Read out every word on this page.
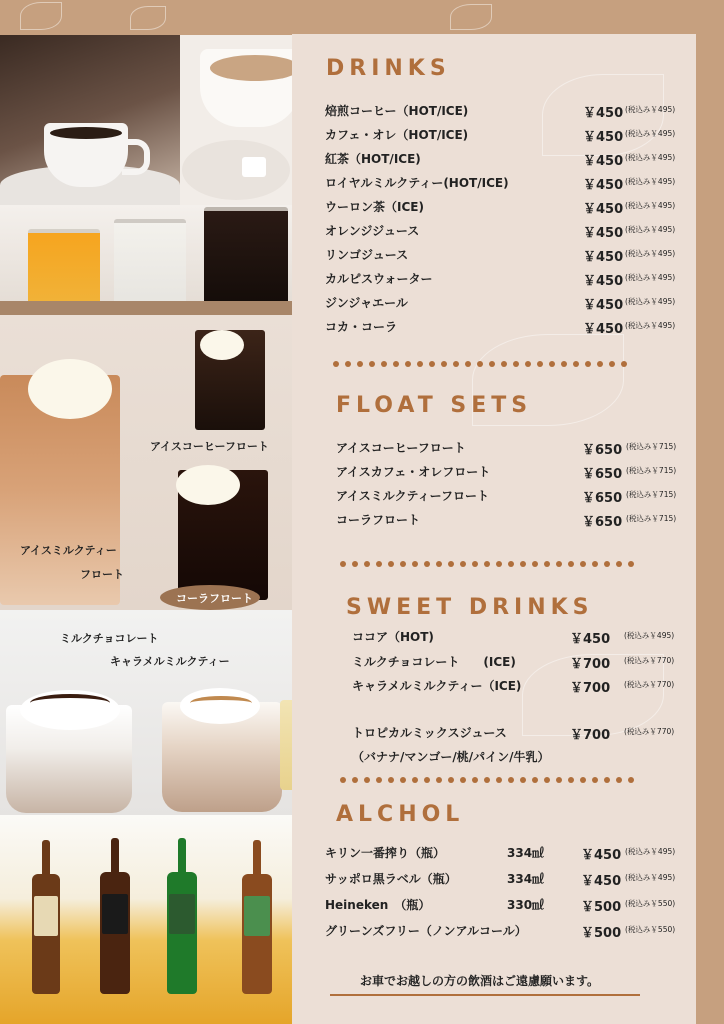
アイスコーヒーフロート
アイスミルクティー
フロート
コーラフロート
ミルクチョコレート
キャラメルミルクティー
DRINKS
焙煎コーヒー（HOT/ICE)	￥450 (税込み￥495)
カフェ・オレ（HOT/ICE)	￥450 (税込み￥495)
紅茶（HOT/ICE)	￥450 (税込み￥495)
ロイヤルミルクティー(HOT/ICE)	￥450 (税込み￥495)
ウーロン茶（ICE)	￥450 (税込み￥495)
オレンジジュース	￥450 (税込み￥495)
リンゴジュース	￥450 (税込み￥495)
カルピスウォーター	￥450 (税込み￥495)
ジンジャエール	￥450 (税込み￥495)
コカ・コーラ	￥450 (税込み￥495)
FLOAT SETS
アイスコーヒーフロート	￥650 (税込み￥715)
アイスカフェ・オレフロート	￥650 (税込み￥715)
アイスミルクティーフロート	￥650 (税込み￥715)
コーラフロート	￥650 (税込み￥715)
SWEET DRINKS
ココア（HOT)	￥450 (税込み￥495)
ミルクチョコレート　　(ICE)	￥700 (税込み￥770)
キャラメルミルクティー（ICE)	￥700 (税込み￥770)
トロピカルミックスジュース	￥700 (税込み￥770)
（バナナ/マンゴー/桃/パイン/牛乳）
ALCHOL
キリン一番搾り（瓶）	334㎖	￥450 (税込み￥495)
サッポロ黒ラベル（瓶）	334㎖	￥450 (税込み￥495)
Heineken　（瓶）	330㎖	￥500 (税込み￥550)
グリーンズフリー（ノンアルコール）	￥500 (税込み￥550)
お車でお越しの方の飲酒はご遠慮願います。
